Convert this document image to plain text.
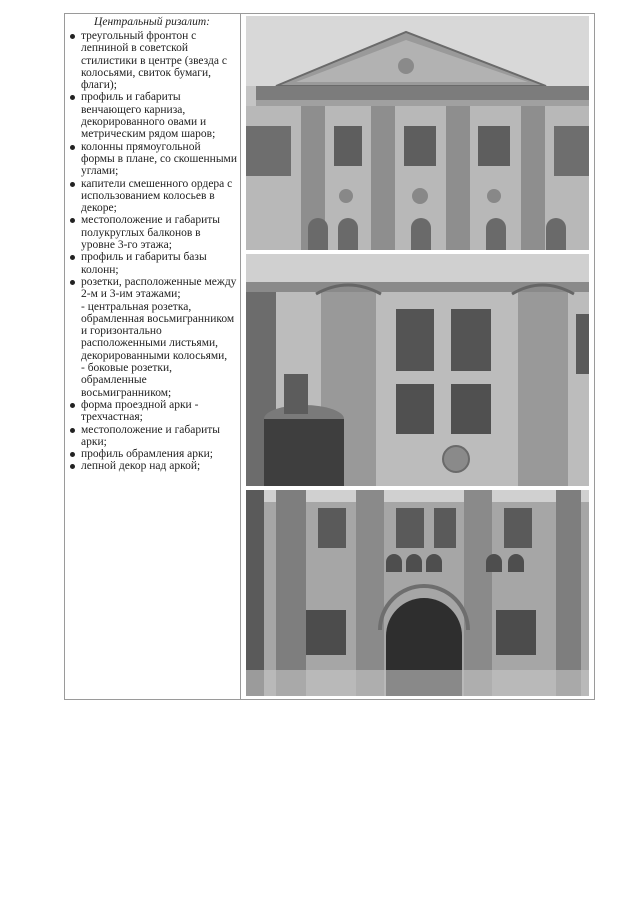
Центральный ризалит:

треугольный фронтон с лепниной в советской стилистики в центре (звезда с колосьями, свиток бумаги, флаги);
профиль и габариты венчающего карниза, декорированного овами и метрическим рядом шаров;
колонны прямоугольной формы в плане, со скошенными углами;
капители смешенного ордера с использованием колосьев в декоре;
местоположение и габариты полукруглых балконов в уровне 3-го этажа;
профиль и габариты базы колонн;
розетки, расположенные между 2-м и 3-им этажами;
- центральная розетка, обрамленная восьмигранником и горизонтально расположенными листьями, декорированными колосьями,
- боковые розетки, обрамленные восьмигранником;
форма проездной арки - трехчастная;
местоположение и габариты арки;
профиль обрамления арки;
лепной декор над аркой;
